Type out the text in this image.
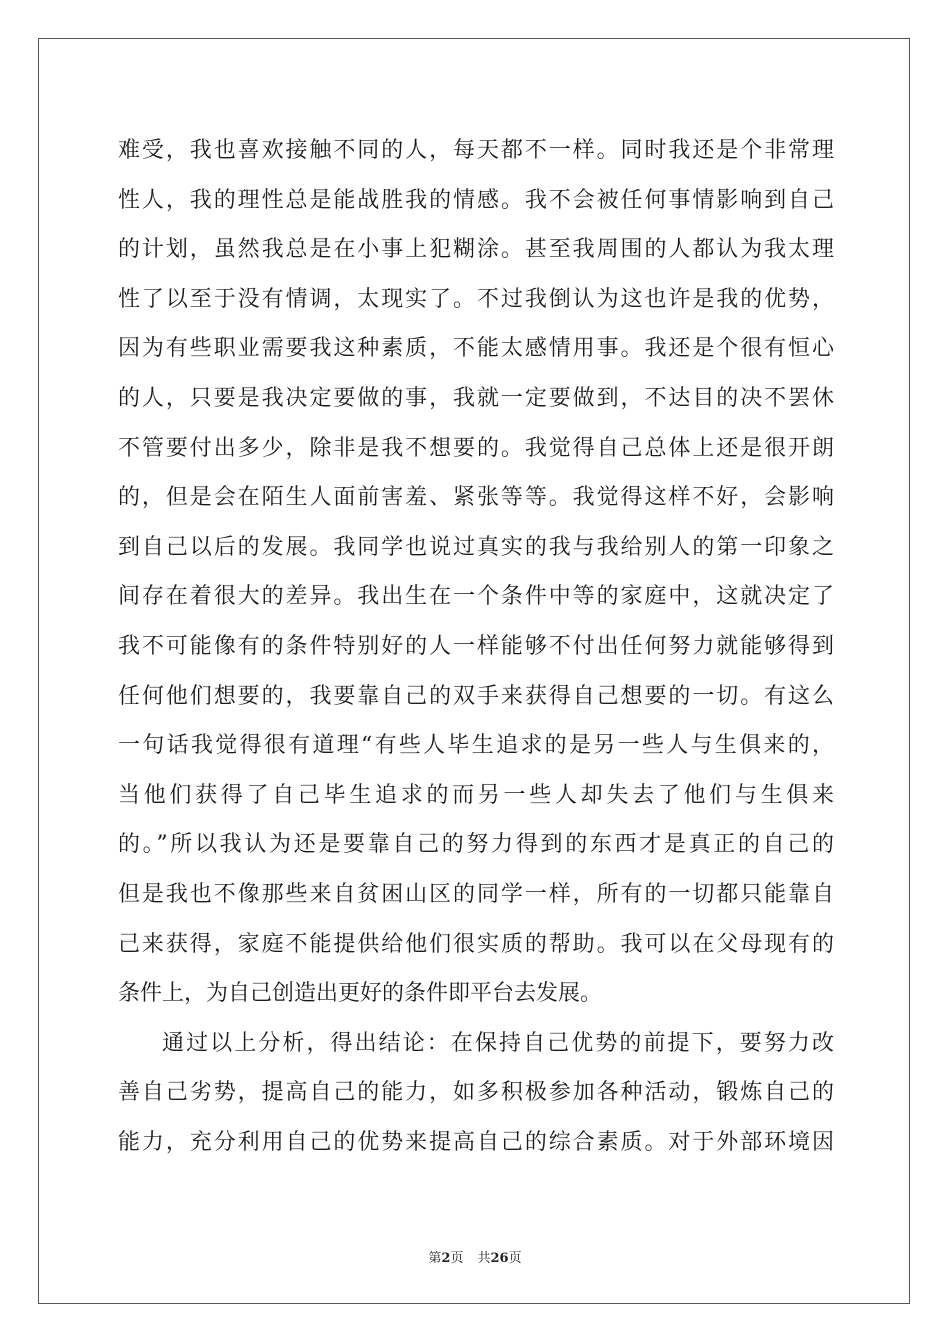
难受，我也喜欢接触不同的人，每天都不一样。同时我还是个非常理
性人，我的理性总是能战胜我的情感。我不会被任何事情影响到自己
的计划，虽然我总是在小事上犯糊涂。甚至我周围的人都认为我太理
性了以至于没有情调，太现实了。不过我倒认为这也许是我的优势，
因为有些职业需要我这种素质，不能太感情用事。我还是个很有恒心
的人，只要是我决定要做的事，我就一定要做到，不达目的决不罢休
不管要付出多少，除非是我不想要的。我觉得自己总体上还是很开朗
的，但是会在陌生人面前害羞、紧张等等。我觉得这样不好，会影响
到自己以后的发展。我同学也说过真实的我与我给别人的第一印象之
间存在着很大的差异。我出生在一个条件中等的家庭中，这就决定了
我不可能像有的条件特别好的人一样能够不付出任何努力就能够得到
任何他们想要的，我要靠自己的双手来获得自己想要的一切。有这么
一句话我觉得很有道理“有些人毕生追求的是另一些人与生俱来的，
当他们获得了自己毕生追求的而另一些人却失去了他们与生俱来
的。”所以我认为还是要靠自己的努力得到的东西才是真正的自己的
但是我也不像那些来自贫困山区的同学一样，所有的一切都只能靠自
己来获得，家庭不能提供给他们很实质的帮助。我可以在父母现有的
条件上，为自己创造出更好的条件即平台去发展。
通过以上分析，得出结论：在保持自己优势的前提下，要努力改
善自己劣势，提高自己的能力，如多积极参加各种活动，锻炼自己的
能力，充分利用自己的优势来提高自己的综合素质。对于外部环境因
第2页 共26页
